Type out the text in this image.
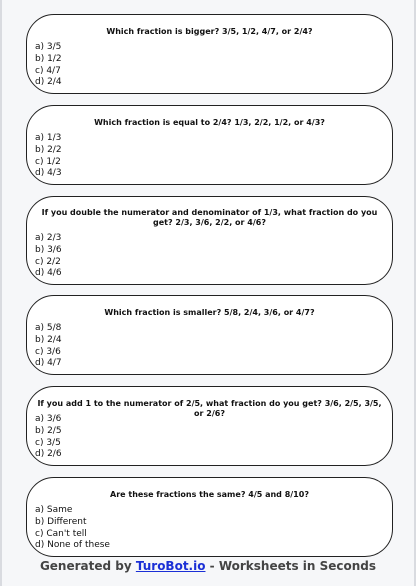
Which fraction is bigger? 3/5, 1/2, 4/7, or 2/4?
a) 3/5
b) 1/2
c) 4/7
d) 2/4
Which fraction is equal to 2/4? 1/3, 2/2, 1/2, or 4/3?
a) 1/3
b) 2/2
c) 1/2
d) 4/3
If you double the numerator and denominator of 1/3, what fraction do you get? 2/3, 3/6, 2/2, or 4/6?
a) 2/3
b) 3/6
c) 2/2
d) 4/6
Which fraction is smaller? 5/8, 2/4, 3/6, or 4/7?
a) 5/8
b) 2/4
c) 3/6
d) 4/7
If you add 1 to the numerator of 2/5, what fraction do you get? 3/6, 2/5, 3/5, or 2/6?
a) 3/6
b) 2/5
c) 3/5
d) 2/6
Are these fractions the same? 4/5 and 8/10?
a) Same
b) Different
c) Can't tell
d) None of these
Generated by TuroBot.io - Worksheets in Seconds
